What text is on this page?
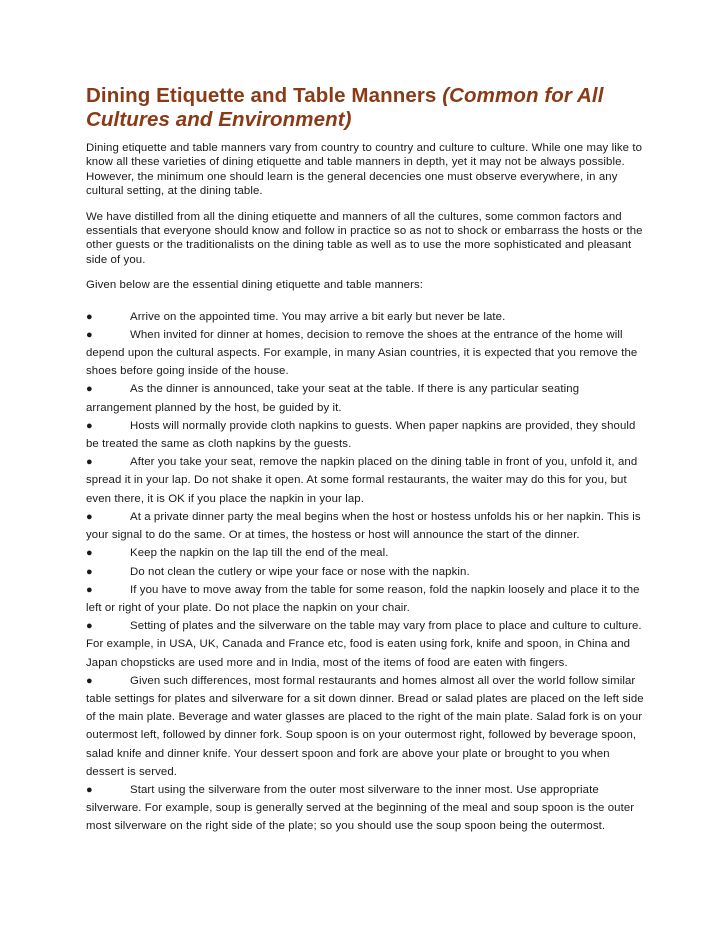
Dining Etiquette and Table Manners (Common for All Cultures and Environment)

Dining etiquette and table manners vary from country to country and culture to culture. While one may like to know all these varieties of dining etiquette and table manners in depth, yet it may not be always possible. However, the minimum one should learn is the general decencies one must observe everywhere, in any cultural setting, at the dining table.

We have distilled from all the dining etiquette and manners of all the cultures, some common factors and essentials that everyone should know and follow in practice so as not to shock or embarrass the hosts or the other guests or the traditionalists on the dining table as well as to use the more sophisticated and pleasant side of you.

Given below are the essential dining etiquette and table manners:

●	Arrive on the appointed time. You may arrive a bit early but never be late.
●	When invited for dinner at homes, decision to remove the shoes at the entrance of the home will depend upon the cultural aspects. For example, in many Asian countries, it is expected that you remove the shoes before going inside of the house.
●	As the dinner is announced, take your seat at the table. If there is any particular seating arrangement planned by the host, be guided by it.
●	Hosts will normally provide cloth napkins to guests. When paper napkins are provided, they should be treated the same as cloth napkins by the guests.
●	After you take your seat, remove the napkin placed on the dining table in front of you, unfold it, and spread it in your lap. Do not shake it open. At some formal restaurants, the waiter may do this for you, but even there, it is OK if you place the napkin in your lap.
●	At a private dinner party the meal begins when the host or hostess unfolds his or her napkin. This is your signal to do the same. Or at times, the hostess or host will announce the start of the dinner.
●	Keep the napkin on the lap till the end of the meal.
●	Do not clean the cutlery or wipe your face or nose with the napkin.
●	If you have to move away from the table for some reason, fold the napkin loosely and place it to the left or right of your plate. Do not place the napkin on your chair.
●	Setting of plates and the silverware on the table may vary from place to place and culture to culture. For example, in USA, UK, Canada and France etc, food is eaten using fork, knife and spoon, in China and Japan chopsticks are used more and in India, most of the items of food are eaten with fingers.
●	Given such differences, most formal restaurants and homes almost all over the world follow similar table settings for plates and silverware for a sit down dinner. Bread or salad plates are placed on the left side of the main plate. Beverage and water glasses are placed to the right of the main plate. Salad fork is on your outermost left, followed by dinner fork. Soup spoon is on your outermost right, followed by beverage spoon, salad knife and dinner knife. Your dessert spoon and fork are above your plate or brought to you when dessert is served.
●	Start using the silverware from the outer most silverware to the inner most. Use appropriate silverware. For example, soup is generally served at the beginning of the meal and soup spoon is the outer most silverware on the right side of the plate; so you should use the soup spoon being the outermost.
